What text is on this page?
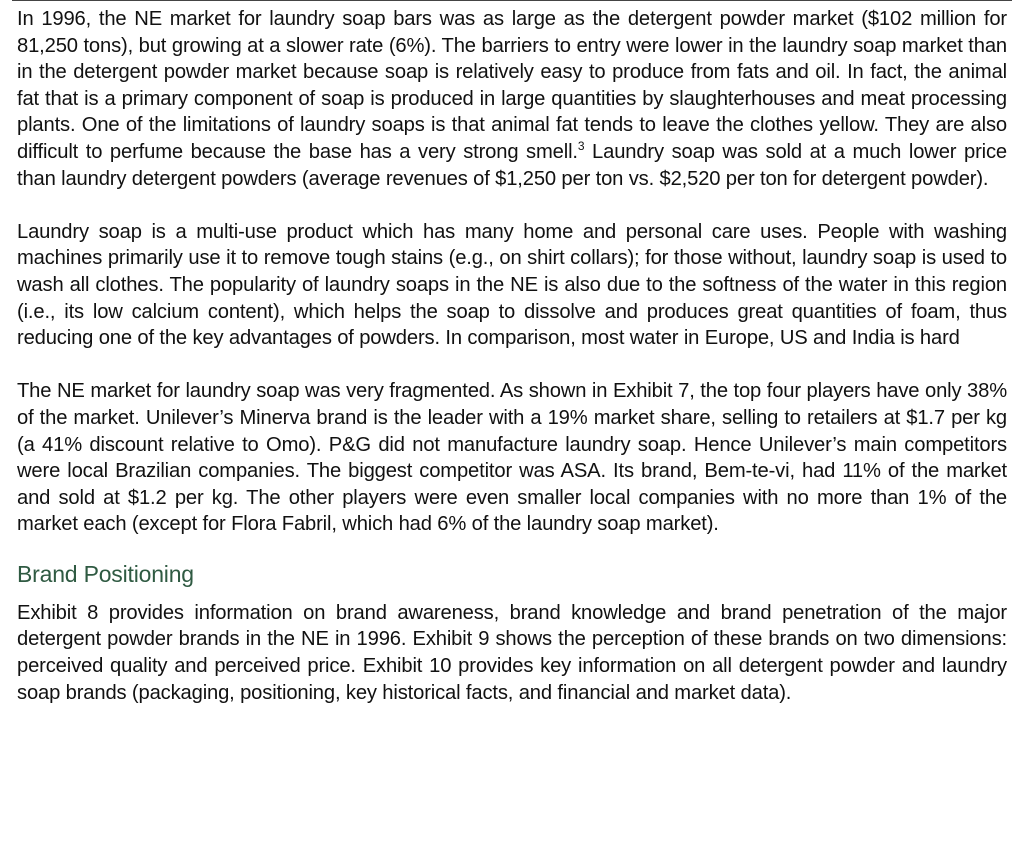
In 1996, the NE market for laundry soap bars was as large as the detergent powder market ($102 million for 81,250 tons), but growing at a slower rate (6%). The barriers to entry were lower in the laundry soap market than in the detergent powder market because soap is relatively easy to produce from fats and oil. In fact, the animal fat that is a primary component of soap is produced in large quantities by slaughterhouses and meat processing plants. One of the limitations of laundry soaps is that animal fat tends to leave the clothes yellow. They are also difficult to perfume because the base has a very strong smell.$^3$ Laundry soap was sold at a much lower price than laundry detergent powders (average revenues of $1,250 per ton vs. $2,520 per ton for detergent powder).

Laundry soap is a multi-use product which has many home and personal care uses. People with washing machines primarily use it to remove tough stains (e.g., on shirt collars); for those without, laundry soap is used to wash all clothes. The popularity of laundry soaps in the NE is also due to the softness of the water in this region (i.e., its low calcium content), which helps the soap to dissolve and produces great quantities of foam, thus reducing one of the key advantages of powders. In comparison, most water in Europe, US and India is hard

The NE market for laundry soap was very fragmented. As shown in Exhibit 7, the top four players have only 38% of the market. Unilever’s Minerva brand is the leader with a 19% market share, selling to retailers at $1.7 per kg (a 41% discount relative to Omo). P&G did not manufacture laundry soap. Hence Unilever’s main competitors were local Brazilian companies. The biggest competitor was ASA. Its brand, Bem-te-vi, had 11% of the market and sold at $1.2 per kg. The other players were even smaller local companies with no more than 1% of the market each (except for Flora Fabril, which had 6% of the laundry soap market).

Brand Positioning

Exhibit 8 provides information on brand awareness, brand knowledge and brand penetration of the major detergent powder brands in the NE in 1996. Exhibit 9 shows the perception of these brands on two dimensions: perceived quality and perceived price. Exhibit 10 provides key information on all detergent powder and laundry soap brands (packaging, positioning, key historical facts, and financial and market data).
